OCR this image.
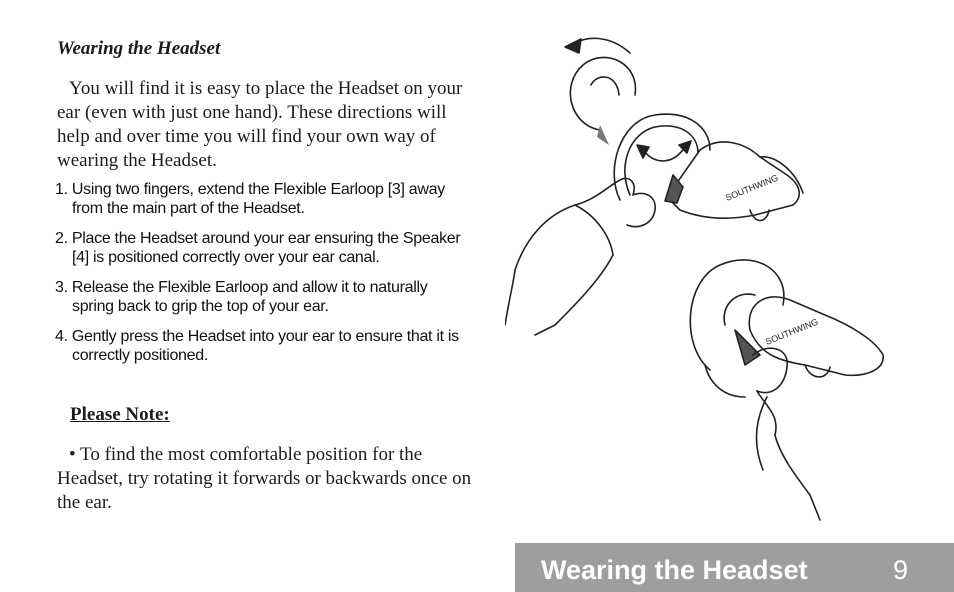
Wearing the Headset

You will find it is easy to place the Headset on your ear (even with just one hand). These directions will help and over time you will find your own way of wearing the Headset.

1. Using two fingers, extend the Flexible Earloop [3] away from the main part of the Headset.
2. Place the Headset around your ear ensuring the Speaker [4] is positioned correctly over your ear canal.
3. Release the Flexible Earloop and allow it to naturally spring back to grip the top of your ear.
4. Gently press the Headset into your ear to ensure that it is correctly positioned.
Please Note:

• To find the most comfortable position for the Headset, try rotating it forwards or backwards once on the ear.

SOUTHWING
SOUTHWING
Wearing the Headset	9
